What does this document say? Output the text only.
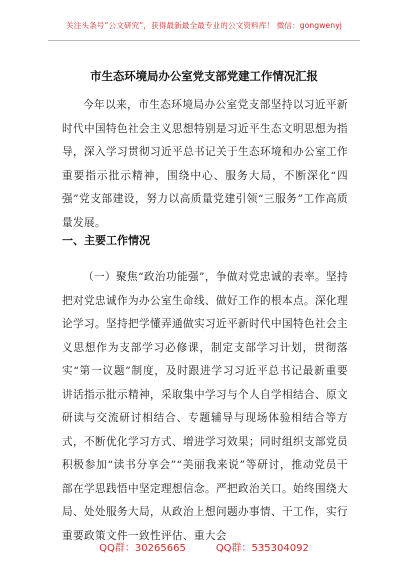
关注头条号“公文研究”，获得最新最全最专业的公文资料库！ 微信：gongwenyj
市生态环境局办公室党支部党建工作情况汇报
今年以来，市生态环境局办公室党支部坚持以习近平新时代中国特色社会主义思想特别是习近平生态文明思想为指导，深入学习贯彻习近平总书记关于生态环境和办公室工作重要指示批示精神，围绕中心、服务大局，不断深化“四强”党支部建设，努力以高质量党建引领“三服务”工作高质量发展。
一、主要工作情况
（一）聚焦“政治功能强”，争做对党忠诚的表率。坚持把对党忠诚作为办公室生命线、做好工作的根本点。深化理论学习。坚持把学懂弄通做实习近平新时代中国特色社会主义思想作为支部学习必修课，制定支部学习计划，贯彻落实“第一议题”制度，及时跟进学习习近平总书记最新重要讲话指示批示精神，采取集中学习与个人自学相结合、原文研读与交流研讨相结合、专题辅导与现场体验相结合等方式，不断优化学习方式、增进学习效果；同时组织支部党员积极参加“读书分享会”“美丽我来说”等研讨，推动党员干部在学思践悟中坚定理想信念。严把政治关口。始终围绕大局、处处服务大局，从政治上想问题办事情、干工作，实行重要政策文件一致性评估、重大会
QQ群：30265665	QQ群：535304092
